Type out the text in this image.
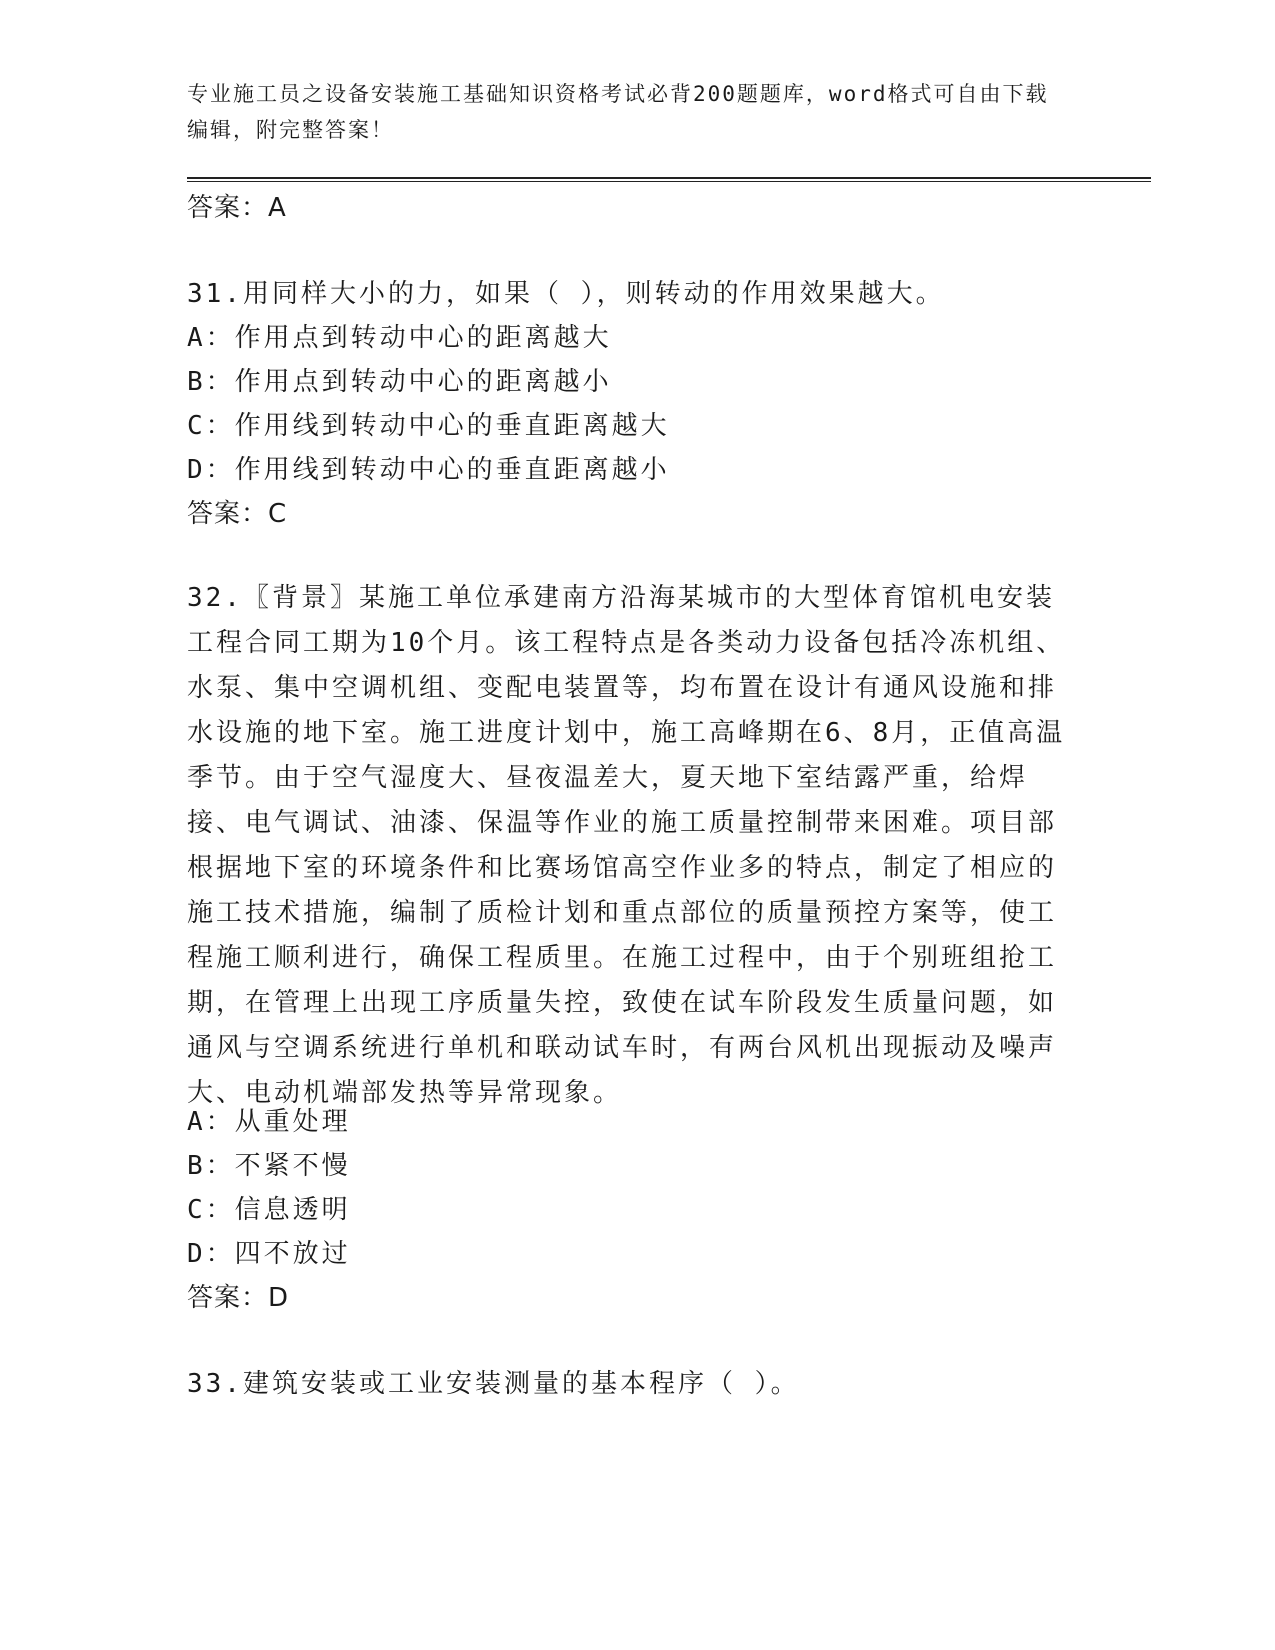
专业施工员之设备安装施工基础知识资格考试必背200题题库，word格式可自由下载编辑，附完整答案！
答案：A
31.用同样大小的力，如果（ ），则转动的作用效果越大。
A：作用点到转动中心的距离越大
B：作用点到转动中心的距离越小
C：作用线到转动中心的垂直距离越大
D：作用线到转动中心的垂直距离越小
答案：C
32.〖背景〗某施工单位承建南方沿海某城市的大型体育馆机电安装工程合同工期为10个月。该工程特点是各类动力设备包括冷冻机组、水泵、集中空调机组、变配电装置等，均布置在设计有通风设施和排水设施的地下室。施工进度计划中，施工高峰期在6、8月，正值高温季节。由于空气湿度大、昼夜温差大，夏天地下室结露严重，给焊接、电气调试、油漆、保温等作业的施工质量控制带来困难。项目部根据地下室的环境条件和比赛场馆高空作业多的特点，制定了相应的施工技术措施，编制了质检计划和重点部位的质量预控方案等，使工程施工顺利进行，确保工程质里。在施工过程中，由于个别班组抢工期，在管理上出现工序质量失控，致使在试车阶段发生质量问题，如通风与空调系统进行单机和联动试车时，有两台风机出现振动及噪声大、电动机端部发热等异常现象。
A：从重处理
B：不紧不慢
C：信息透明
D：四不放过
答案：D
33.建筑安装或工业安装测量的基本程序（ ）。
